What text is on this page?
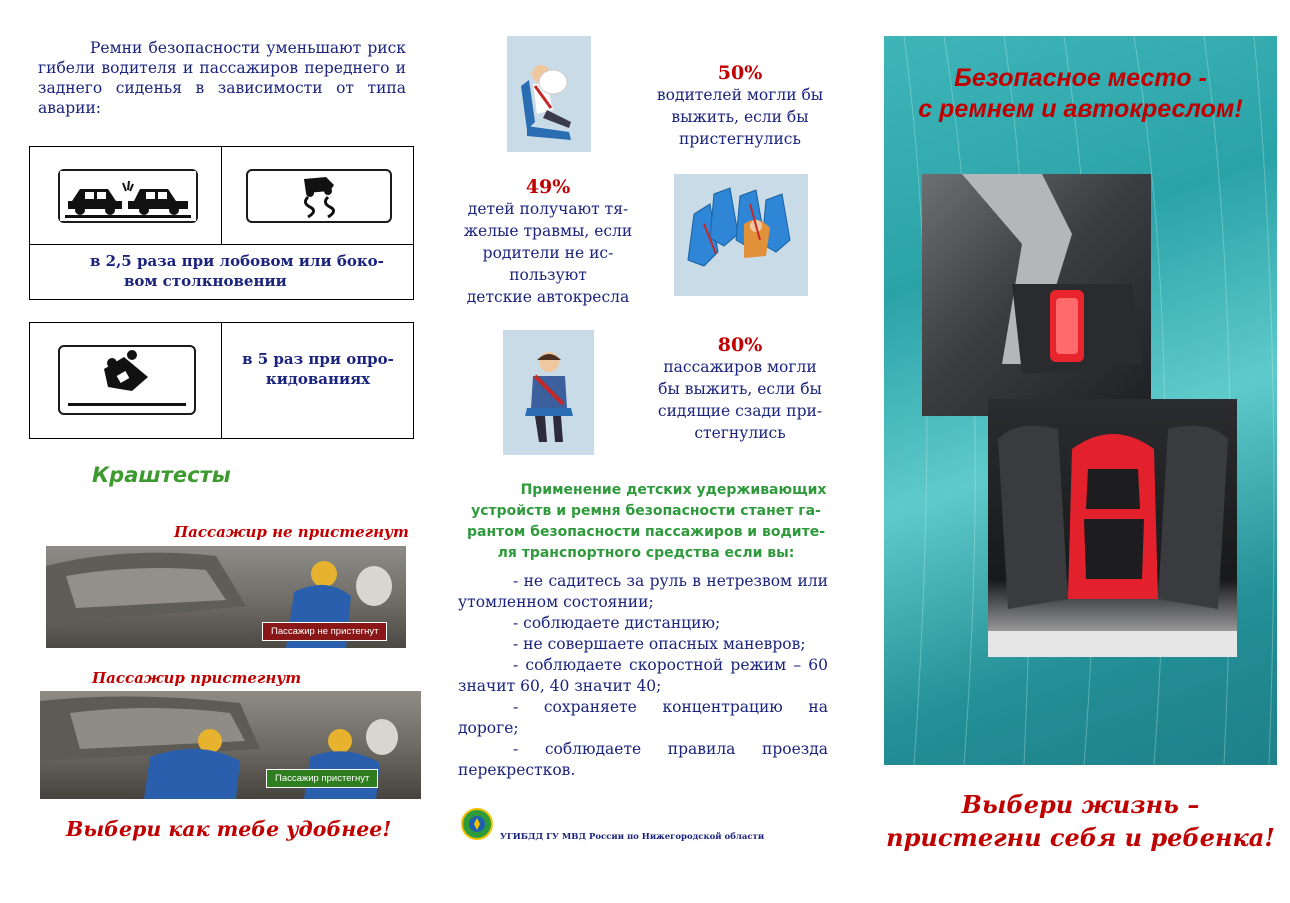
Ремни безопасности уменьшают риск гибели водителя и пассажиров переднего и заднего сиденья в зависимости от типа аварии:
в 2,5 раза при лобовом или боко-
вом столкновении
в 5 раз при опро-
кидованиях
Краштесты
Пассажир не пристегнут
Пассажир не пристегнут
Пассажир пристегнут
Пассажир пристегнут
Выбери как тебе удобнее!
50%
водителей могли бы
выжить, если бы
пристегнулись
49%
детей получают тя-
желые травмы, если
родители не ис-
пользуют
детские автокресла
80%
пассажиров могли
бы выжить, если бы
сидящие сзади при-
стегнулись
Применение детских удерживающих
устройств и ремня безопасности станет га-
рантом безопасности пассажиров и водите-
ля транспортного средства если вы:
- не садитесь за руль в нетрезвом или утомленном состоянии;
- соблюдаете дистанцию;
- не совершаете опасных маневров;
- соблюдаете скоростной режим – 60 значит 60, 40 значит 40;
- сохраняете концентрацию на дороге;
- соблюдаете правила проезда перекрестков.
УГИБДД ГУ МВД России по Нижегородской области
Безопасное место -
с ремнем и автокреслом!
Выбери жизнь –
пристегни себя и ребенка!
